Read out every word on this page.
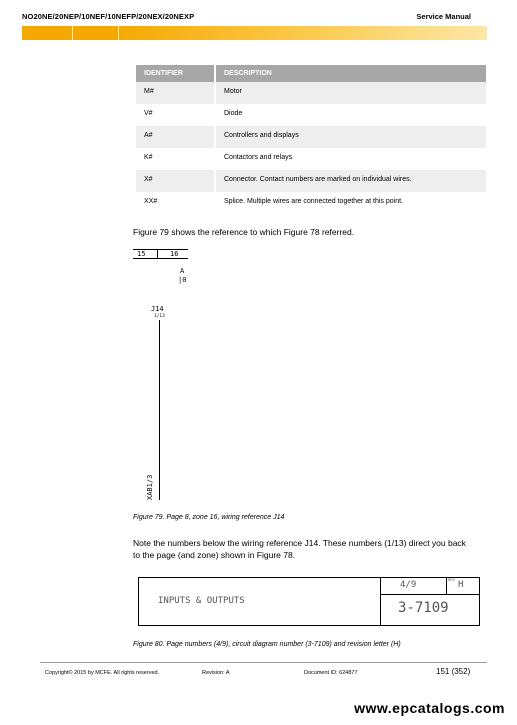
NO20NE/20NEP/10NEF/10NEFP/20NEX/20NEXP	Service Manual
IDENTIFIER	DESCRIPTION
M#	Motor
V#	Diode
A#	Controllers and displays
K#	Contactors and relays
X#	Connector. Contact numbers are marked on individual wires.
XX#	Splice. Multiple wires are connected together at this point.
Figure 79 shows the reference to which Figure 78 referred.
15	16
A
|0
J14
1/13
XAB1/3
Figure 79. Page 8, zone 16, wiring reference J14
Note the numbers below the wiring reference J14. These numbers (1/13) direct you back to the page (and zone) shown in Figure 78.
INPUTS & OUTPUTS
4/9	REV H
3-7109
Figure 80. Page numbers (4/9), circuit diagram number (3-7109) and revision letter (H)
Copyright© 2015 by MCFE. All rights reserved.	Revision: A	Document ID: 624877	151 (352)
www.epcatalogs.com
